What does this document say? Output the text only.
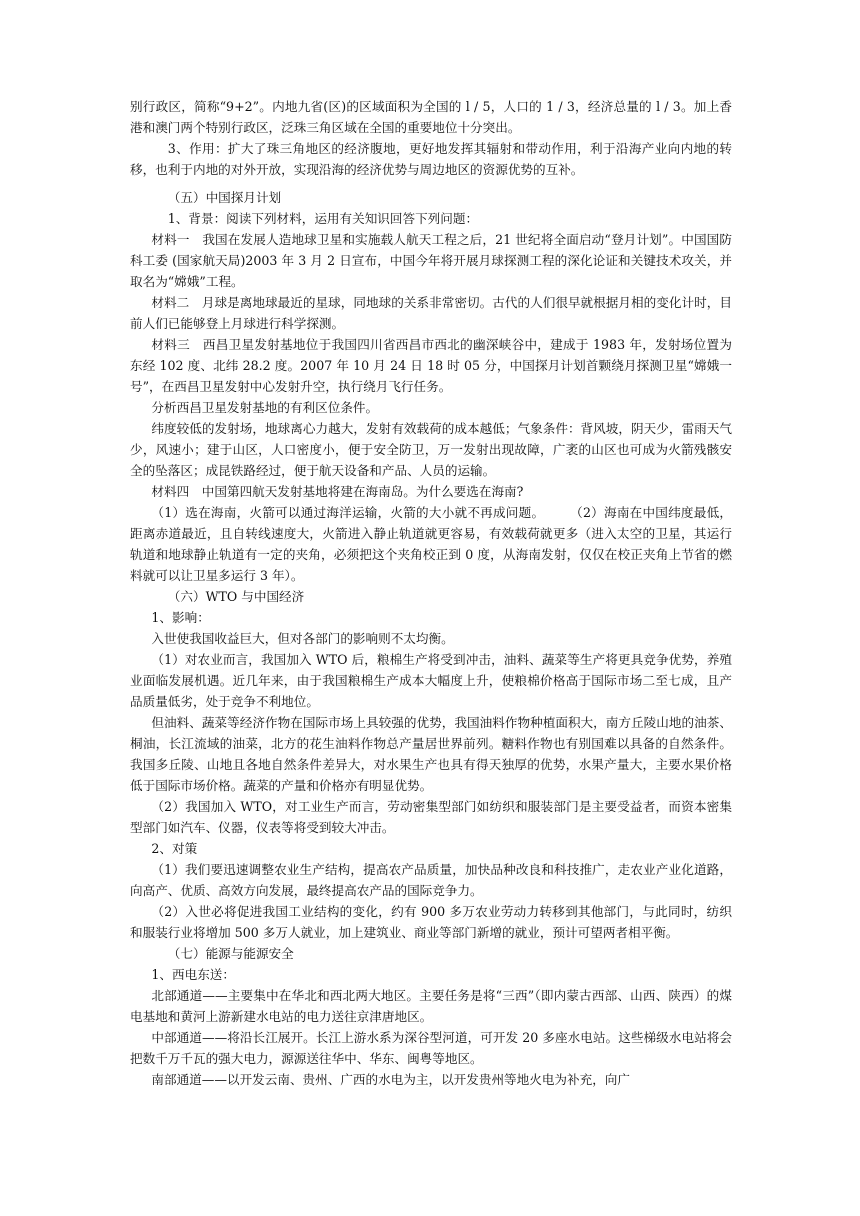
别行政区，简称“9+2”。内地九省(区)的区域面积为全国的 l / 5，人口的 1 / 3，经济总量的 l / 3。加上香港和澳门两个特别行政区，泛珠三角区域在全国的重要地位十分突出。

3、作用：扩大了珠三角地区的经济腹地，更好地发挥其辐射和带动作用，利于沿海产业向内地的转移，也利于内地的对外开放，实现沿海的经济优势与周边地区的资源优势的互补。

（五）中国探月计划

1、背景：阅读下列材料，运用有关知识回答下列问题：

材料一　我国在发展人造地球卫星和实施载人航天工程之后，21 世纪将全面启动“登月计划”。中国国防科工委 (国家航天局)2003 年 3 月 2 日宣布，中国今年将开展月球探测工程的深化论证和关键技术攻关，并取名为“嫦娥”工程。

材料二　月球是离地球最近的星球，同地球的关系非常密切。古代的人们很早就根据月相的变化计时，目前人们已能够登上月球进行科学探测。

材料三　西昌卫星发射基地位于我国四川省西昌市西北的幽深峡谷中，建成于 1983 年，发射场位置为东经 102 度、北纬 28.2 度。2007 年 10 月 24 日 18 时 05 分，中国探月计划首颗绕月探测卫星“嫦娥一号”，在西昌卫星发射中心发射升空，执行绕月飞行任务。

分析西昌卫星发射基地的有利区位条件。

纬度较低的发射场，地球离心力越大，发射有效载荷的成本越低；气象条件：背风坡，阴天少，雷雨天气少，风速小；建于山区，人口密度小，便于安全防卫，万一发射出现故障，广袤的山区也可成为火箭残骸安全的坠落区；成昆铁路经过，便于航天设备和产品、人员的运输。

材料四　中国第四航天发射基地将建在海南岛。为什么要选在海南?

（1）选在海南，火箭可以通过海洋运输，火箭的大小就不再成问题。　　　（2）海南在中国纬度最低，距离赤道最近，且自转线速度大，火箭进入静止轨道就更容易，有效载荷就更多（进入太空的卫星，其运行轨道和地球静止轨道有一定的夹角，必须把这个夹角校正到 0 度，从海南发射，仅仅在校正夹角上节省的燃料就可以让卫星多运行 3 年）。

（六）WTO 与中国经济

1、影响：

入世使我国收益巨大，但对各部门的影响则不太均衡。

（1）对农业而言，我国加入 WTO 后，粮棉生产将受到冲击，油料、蔬菜等生产将更具竞争优势，养殖业面临发展机遇。近几年来，由于我国粮棉生产成本大幅度上升，使粮棉价格高于国际市场二至七成，且产品质量低劣，处于竞争不利地位。

但油料、蔬菜等经济作物在国际市场上具较强的优势，我国油料作物种植面积大，南方丘陵山地的油茶、桐油，长江流域的油菜，北方的花生油料作物总产量居世界前列。糖料作物也有别国难以具备的自然条件。我国多丘陵、山地且各地自然条件差异大，对水果生产也具有得天独厚的优势，水果产量大，主要水果价格低于国际市场价格。蔬菜的产量和价格亦有明显优势。

（2）我国加入 WTO，对工业生产而言，劳动密集型部门如纺织和服装部门是主要受益者，而资本密集型部门如汽车、仪器，仪表等将受到较大冲击。

2、对策

（1）我们要迅速调整农业生产结构，提高农产品质量，加快品种改良和科技推广，走农业产业化道路，向高产、优质、高效方向发展，最终提高农产品的国际竞争力。

（2）入世必将促进我国工业结构的变化，约有 900 多万农业劳动力转移到其他部门，与此同时，纺织和服装行业将增加 500 多万人就业，加上建筑业、商业等部门新增的就业，预计可望两者相平衡。

（七）能源与能源安全

1、西电东送：

北部通道——主要集中在华北和西北两大地区。主要任务是将“三西”（即内蒙古西部、山西、陕西）的煤电基地和黄河上游新建水电站的电力送往京津唐地区。

中部通道——将沿长江展开。长江上游水系为深谷型河道，可开发 20 多座水电站。这些梯级水电站将会把数千万千瓦的强大电力，源源送往华中、华东、闽粤等地区。

南部通道——以开发云南、贵州、广西的水电为主，以开发贵州等地火电为补充，向广
